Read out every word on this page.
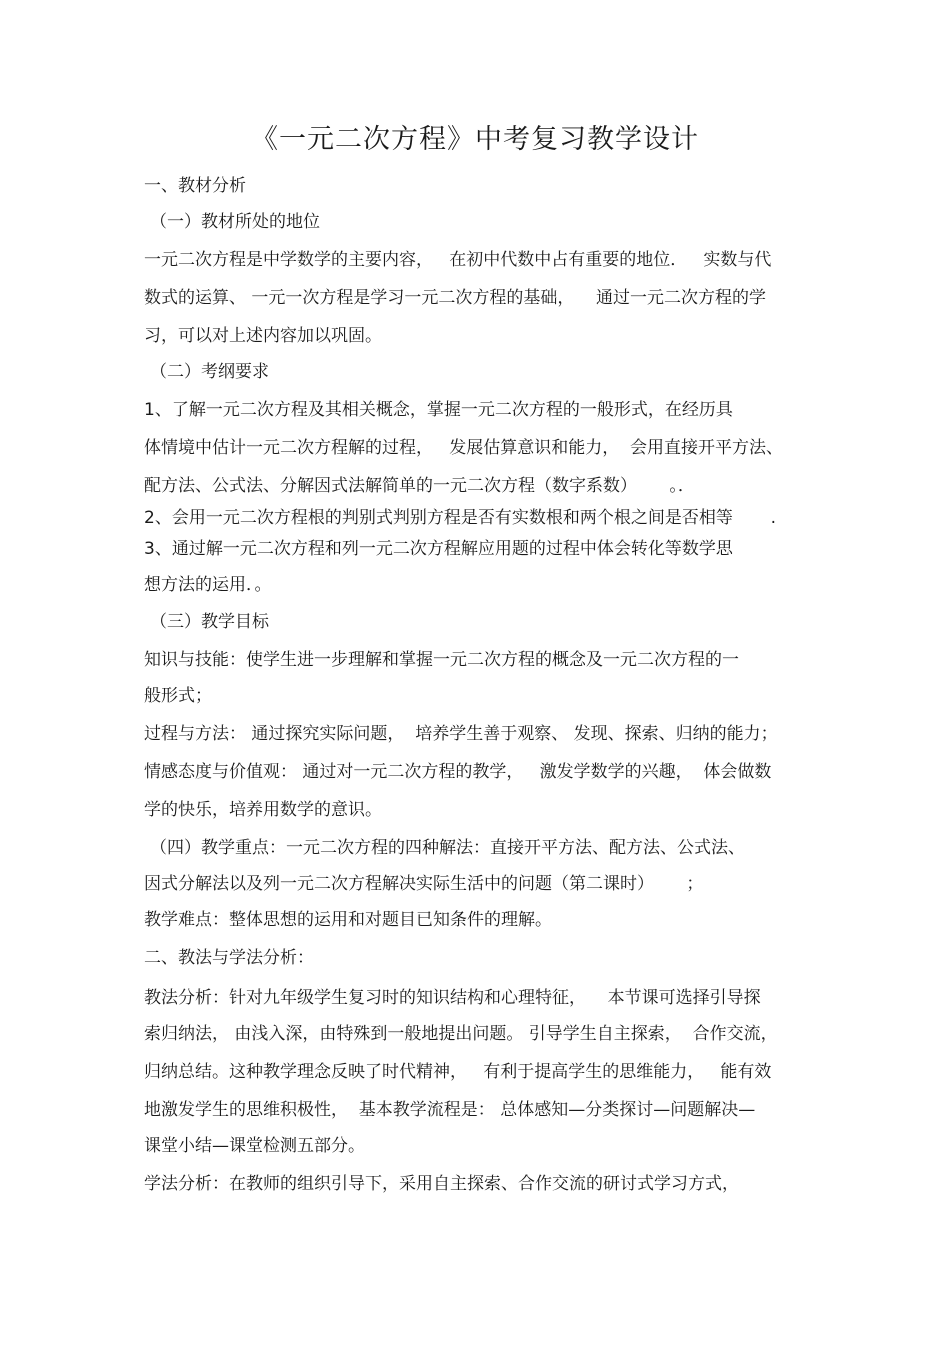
《一元二次方程》中考复习教学设计
一、教材分析
（一）教材所处的地位
一元二次方程是中学数学的主要内容，   在初中代数中占有重要的地位．   实数与代
数式的运算、 一元一次方程是学习一元二次方程的基础，    通过一元二次方程的学
习，可以对上述内容加以巩固。
（二）考纲要求
1、了解一元二次方程及其相关概念，掌握一元二次方程的一般形式，在经历具
体情境中估计一元二次方程解的过程，   发展估算意识和能力，  会用直接开平方法、
配方法、公式法、分解因式法解简单的一元二次方程（数字系数）      。．
2、会用一元二次方程根的判别式判别方程是否有实数根和两个根之间是否相等       .
3、通过解一元二次方程和列一元二次方程解应用题的过程中体会转化等数学思
想方法的运用．。
（三）教学目标
知识与技能：使学生进一步理解和掌握一元二次方程的概念及一元二次方程的一
般形式；
过程与方法： 通过探究实际问题，  培养学生善于观察、 发现、探索、归纳的能力；
情感态度与价值观： 通过对一元二次方程的教学，   激发学数学的兴趣，  体会做数
学的快乐，培养用数学的意识。
（四）教学重点：一元二次方程的四种解法：直接开平方法、配方法、公式法、
因式分解法以及列一元二次方程解决实际生活中的问题（第二课时）      ；
教学难点：整体思想的运用和对题目已知条件的理解。
二、教法与学法分析：
教法分析：针对九年级学生复习时的知识结构和心理特征，    本节课可选择引导探
索归纳法， 由浅入深，由特殊到一般地提出问题。 引导学生自主探索，  合作交流，
归纳总结。这种教学理念反映了时代精神，   有利于提高学生的思维能力，   能有效
地激发学生的思维积极性，  基本教学流程是： 总体感知—分类探讨—问题解决—
课堂小结—课堂检测五部分。
学法分析：在教师的组织引导下，采用自主探索、合作交流的研讨式学习方式，
